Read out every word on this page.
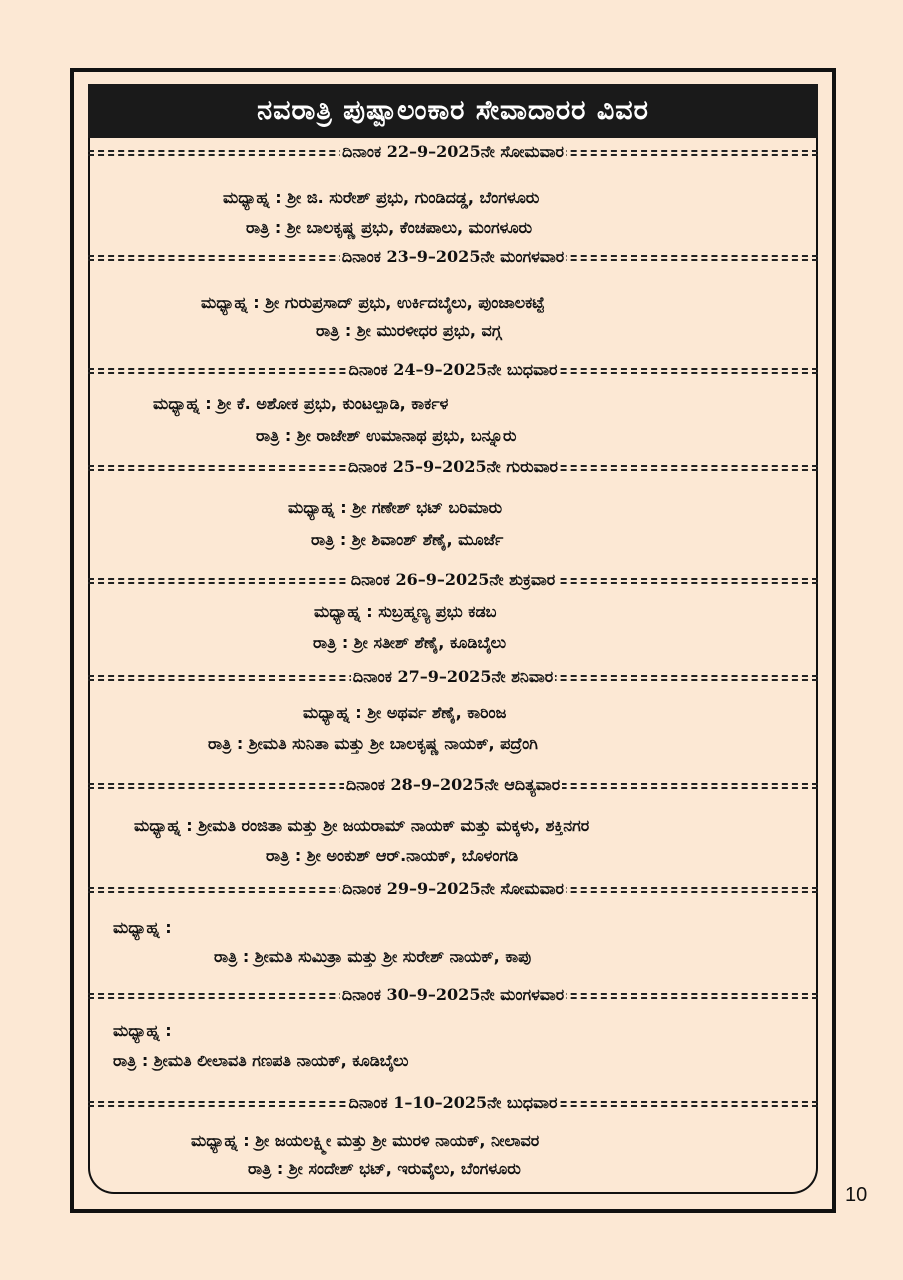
ನವರಾತ್ರಿ ಪುಷ್ಪಾಲಂಕಾರ ಸೇವಾದಾರರ ವಿವರ
ದಿನಾಂಕ 22–9–2025ನೇ ಸೋಮವಾರ
ಮಧ್ಯಾಹ್ನ : ಶ್ರೀ ಜಿ. ಸುರೇಶ್ ಪ್ರಭು, ಗುಂಡಿದಡ್ಡ, ಬೆಂಗಳೂರು
ರಾತ್ರಿ : ಶ್ರೀ ಬಾಲಕೃಷ್ಣ ಪ್ರಭು, ಕೆಂಚಪಾಲು, ಮಂಗಳೂರು
ದಿನಾಂಕ 23–9–2025ನೇ ಮಂಗಳವಾರ
ಮಧ್ಯಾಹ್ನ : ಶ್ರೀ ಗುರುಪ್ರಸಾದ್ ಪ್ರಭು, ಉರ್ಕಿದಬೈಲು, ಪುಂಜಾಲಕಟ್ಟೆ
ರಾತ್ರಿ : ಶ್ರೀ ಮುರಳೀಧರ ಪ್ರಭು, ವಗ್ಗ
ದಿನಾಂಕ 24–9–2025ನೇ ಬುಧವಾರ
ಮಧ್ಯಾಹ್ನ : ಶ್ರೀ ಕೆ. ಅಶೋಕ ಪ್ರಭು, ಕುಂಟಲ್ಪಾಡಿ, ಕಾರ್ಕಳ
ರಾತ್ರಿ : ಶ್ರೀ ರಾಜೇಶ್ ಉಮಾನಾಥ ಪ್ರಭು, ಬನ್ನೂರು
ದಿನಾಂಕ 25–9–2025ನೇ ಗುರುವಾರ
ಮಧ್ಯಾಹ್ನ : ಶ್ರೀ ಗಣೇಶ್ ಭಟ್ ಬರಿಮಾರು
ರಾತ್ರಿ : ಶ್ರೀ ಶಿವಾಂಶ್ ಶೆಣೈ, ಮೂರ್ಜೆ
ದಿನಾಂಕ 26–9–2025ನೇ ಶುಕ್ರವಾರ
ಮಧ್ಯಾಹ್ನ : ಸುಬ್ರಹ್ಮಣ್ಯ ಪ್ರಭು ಕಡಬ
ರಾತ್ರಿ : ಶ್ರೀ ಸತೀಶ್ ಶೆಣೈ, ಕೂಡಿಬೈಲು
ದಿನಾಂಕ 27–9–2025ನೇ ಶನಿವಾರ
ಮಧ್ಯಾಹ್ನ : ಶ್ರೀ ಅಥರ್ವ ಶೆಣೈ, ಕಾರಿಂಜ
ರಾತ್ರಿ : ಶ್ರೀಮತಿ ಸುನಿತಾ ಮತ್ತು ಶ್ರೀ ಬಾಲಕೃಷ್ಣ ನಾಯಕ್, ಪದ್ರೆಂಗಿ
ದಿನಾಂಕ 28–9–2025ನೇ ಆದಿತ್ಯವಾರ
ಮಧ್ಯಾಹ್ನ : ಶ್ರೀಮತಿ ರಂಜಿತಾ ಮತ್ತು ಶ್ರೀ ಜಯರಾಮ್ ನಾಯಕ್ ಮತ್ತು ಮಕ್ಕಳು, ಶಕ್ತಿನಗರ
ರಾತ್ರಿ : ಶ್ರೀ ಅಂಕುಶ್ ಆರ್.ನಾಯಕ್, ಬೊಳಂಗಡಿ
ದಿನಾಂಕ 29–9–2025ನೇ ಸೋಮವಾರ
ಮಧ್ಯಾಹ್ನ :
ರಾತ್ರಿ : ಶ್ರೀಮತಿ ಸುಮಿತ್ರಾ ಮತ್ತು ಶ್ರೀ ಸುರೇಶ್ ನಾಯಕ್, ಕಾಪು
ದಿನಾಂಕ 30–9–2025ನೇ ಮಂಗಳವಾರ
ಮಧ್ಯಾಹ್ನ :
ರಾತ್ರಿ : ಶ್ರೀಮತಿ ಲೀಲಾವತಿ ಗಣಪತಿ ನಾಯಕ್, ಕೂಡಿಬೈಲು
ದಿನಾಂಕ 1–10–2025ನೇ ಬುಧವಾರ
ಮಧ್ಯಾಹ್ನ : ಶ್ರೀ ಜಯಲಕ್ಷ್ಮೀ ಮತ್ತು ಶ್ರೀ ಮುರಳಿ ನಾಯಕ್, ನೀಲಾವರ
ರಾತ್ರಿ : ಶ್ರೀ ಸಂದೇಶ್ ಭಟ್, ಇರುವೈಲು, ಬೆಂಗಳೂರು
10
